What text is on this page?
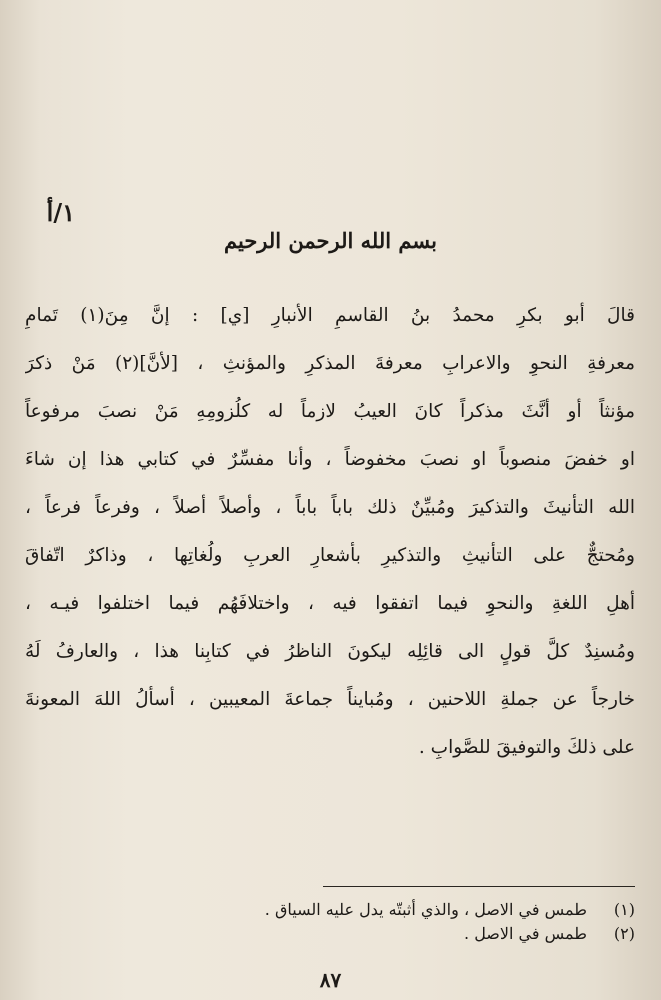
١/أ
بسم الله الرحمن الرحيم
قالَ أبو بكرِ محمدُ بنُ القاسمِ الأنبارِ [ي] : إنَّ مِنَ(١) تَمامِ
معرفةِ النحوِ والاعرابِ معرفةَ المذكرِ والمؤنثِ ، [لأنَّ](٢) مَنْ ذكرَ
مؤنثاً أو أنَّثَ مذكراً كانَ العيبُ لازماً له كلُزومِهِ مَنْ نصبَ مرفوعاً
او خفضَ منصوباً او نصبَ مخفوضاً ، وأنا مفسِّرٌ في كتابي هذا إن شاءَ
الله التأنيثَ والتذكيرَ ومُبيِّنٌ ذلك باباً باباً ، وأصلاً أصلاً ، وفرعاً فرعاً ،
ومُحتجٌّ على التأنيثِ والتذكيرِ بأشعارِ العربِ ولُغاتِها ، وذاكرٌ اتّفاقَ
أهلِ اللغةِ والنحوِ فيما اتفقوا فيه ، واختلافَهُم فيما اختلفوا فيـه ،
ومُسنِدٌ كلَّ قولٍ الى قائِلِه ليكونَ الناظرُ في كتابِنا هذا ، والعارفُ لَهُ
خارجاً عن جملةِ اللاحنين ، ومُبايناً جماعةَ المعيبين ، أسألُ اللهَ المعونةَ
على ذلكَ والتوفيقَ للصَّوابِ .
(١)طمس في الاصل ، والذي أثبتّه يدل عليه السياق .
(٢)طمس في الاصل .
٨٧
